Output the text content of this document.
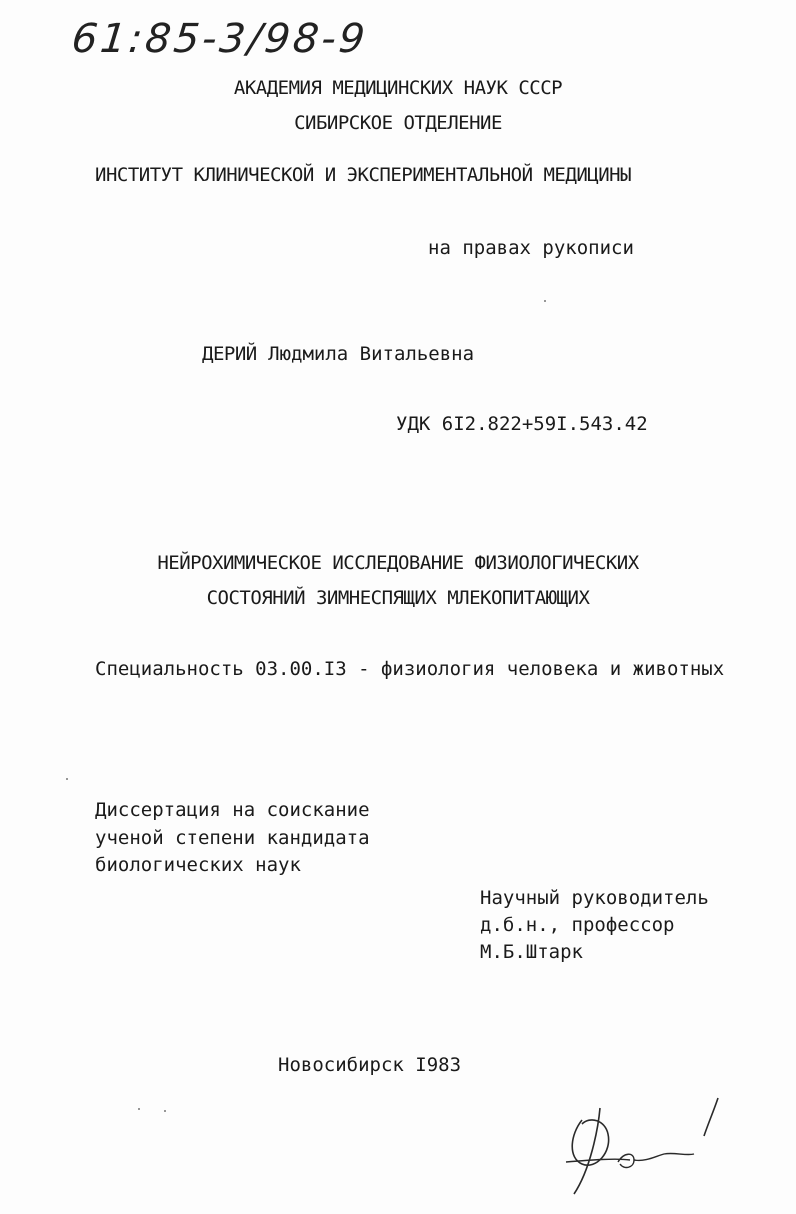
61:85-3/98-9
АКАДЕМИЯ МЕДИЦИНСКИХ НАУК СССР
СИБИРСКОЕ ОТДЕЛЕНИЕ
ИНСТИТУТ КЛИНИЧЕСКОЙ И ЭКСПЕРИМЕНТАЛЬНОЙ МЕДИЦИНЫ
на правах рукописи
ДЕРИЙ Людмила Витальевна
УДК 6I2.822+59I.543.42
НЕЙРОХИМИЧЕСКОЕ ИССЛЕДОВАНИЕ ФИЗИОЛОГИЧЕСКИХ
СОСТОЯНИЙ ЗИМНЕСПЯЩИХ МЛЕКОПИТАЮЩИХ
Специальность 03.00.I3 - физиология человека и животных
Диссертация на соискание
ученой степени кандидата
биологических наук
Научный руководитель
д.б.н., профессор
М.Б.Штарк
Новосибирск I983
